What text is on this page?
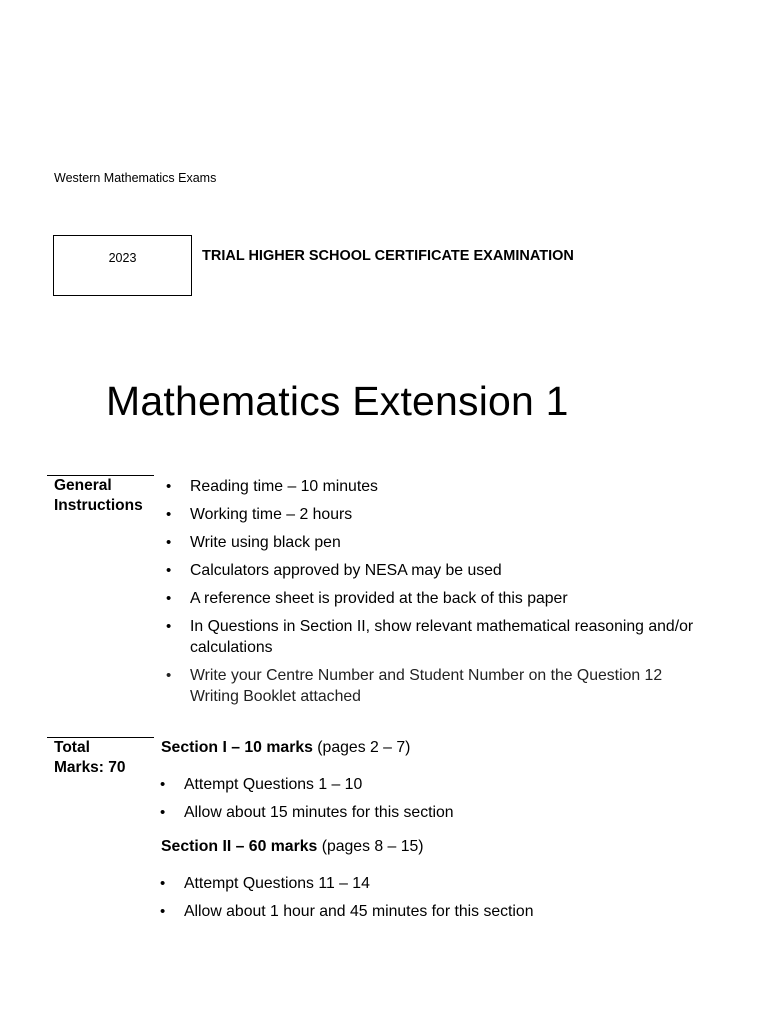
Western Mathematics Exams
2023	TRIAL HIGHER SCHOOL CERTIFICATE EXAMINATION
Mathematics Extension 1
General
Instructions
• Reading time – 10 minutes
• Working time – 2 hours
• Write using black pen
• Calculators approved by NESA may be used
• A reference sheet is provided at the back of this paper
• In Questions in Section II, show relevant mathematical reasoning and/or calculations
• Write your Centre Number and Student Number on the Question 12 Writing Booklet attached
Total
Marks: 70
Section I – 10 marks (pages 2 – 7)
• Attempt Questions 1 – 10
• Allow about 15 minutes for this section
Section II – 60 marks (pages 8 – 15)
• Attempt Questions 11 – 14
• Allow about 1 hour and 45 minutes for this section
